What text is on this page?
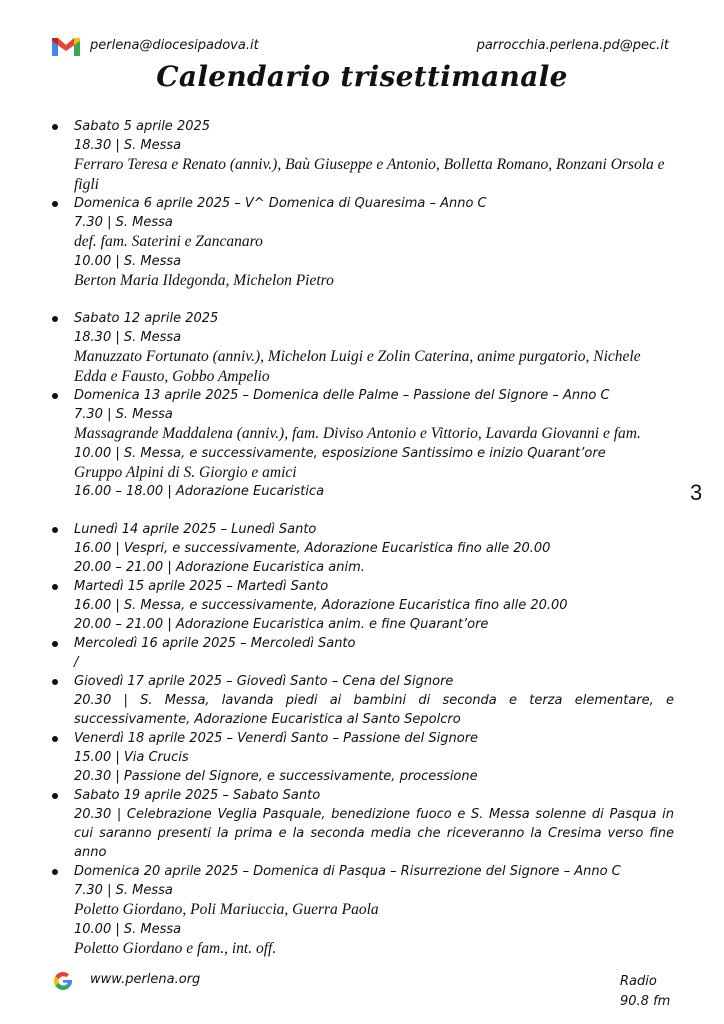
perlena@diocesipadova.it	parrocchia.perlena.pd@pec.it
Calendario trisettimanale
Sabato 5 aprile 2025
18.30 | S. Messa
Ferraro Teresa e Renato (anniv.), Baù Giuseppe e Antonio, Bolletta Romano, Ronzani Orsola e figli
Domenica 6 aprile 2025 – V^ Domenica di Quaresima – Anno C
7.30 | S. Messa
def. fam. Saterini e Zancanaro
10.00 | S. Messa
Berton Maria Ildegonda, Michelon Pietro
Sabato 12 aprile 2025
18.30 | S. Messa
Manuzzato Fortunato (anniv.), Michelon Luigi e Zolin Caterina, anime purgatorio, Nichele Edda e Fausto, Gobbo Ampelio
Domenica 13 aprile 2025 – Domenica delle Palme – Passione del Signore – Anno C
7.30 | S. Messa
Massagrande Maddalena (anniv.), fam. Diviso Antonio e Vittorio, Lavarda Giovanni e fam.
10.00 | S. Messa, e successivamente, esposizione Santissimo e inizio Quarant’ore
Gruppo Alpini di S. Giorgio e amici
16.00 – 18.00 | Adorazione Eucaristica
Lunedì 14 aprile 2025 – Lunedì Santo
16.00 | Vespri, e successivamente, Adorazione Eucaristica fino alle 20.00
20.00 – 21.00 | Adorazione Eucaristica anim.
Martedì 15 aprile 2025 – Martedì Santo
16.00 | S. Messa, e successivamente, Adorazione Eucaristica fino alle 20.00
20.00 – 21.00 | Adorazione Eucaristica anim. e fine Quarant’ore
Mercoledì 16 aprile 2025 – Mercoledì Santo
/
Giovedì 17 aprile 2025 – Giovedì Santo – Cena del Signore
20.30 | S. Messa, lavanda piedi ai bambini di seconda e terza elementare, e successivamente, Adorazione Eucaristica al Santo Sepolcro
Venerdì 18 aprile 2025 – Venerdì Santo – Passione del Signore
15.00 | Via Crucis
20.30 | Passione del Signore, e successivamente, processione
Sabato 19 aprile 2025 – Sabato Santo
20.30 | Celebrazione Veglia Pasquale, benedizione fuoco e S. Messa solenne di Pasqua in cui saranno presenti la prima e la seconda media che riceveranno la Cresima verso fine anno
Domenica 20 aprile 2025 – Domenica di Pasqua – Risurrezione del Signore – Anno C
7.30 | S. Messa
Poletto Giordano, Poli Mariuccia, Guerra Paola
10.00 | S. Messa
Poletto Giordano e fam., int. off.
3
www.perlena.org	Radio
90.8 fm
